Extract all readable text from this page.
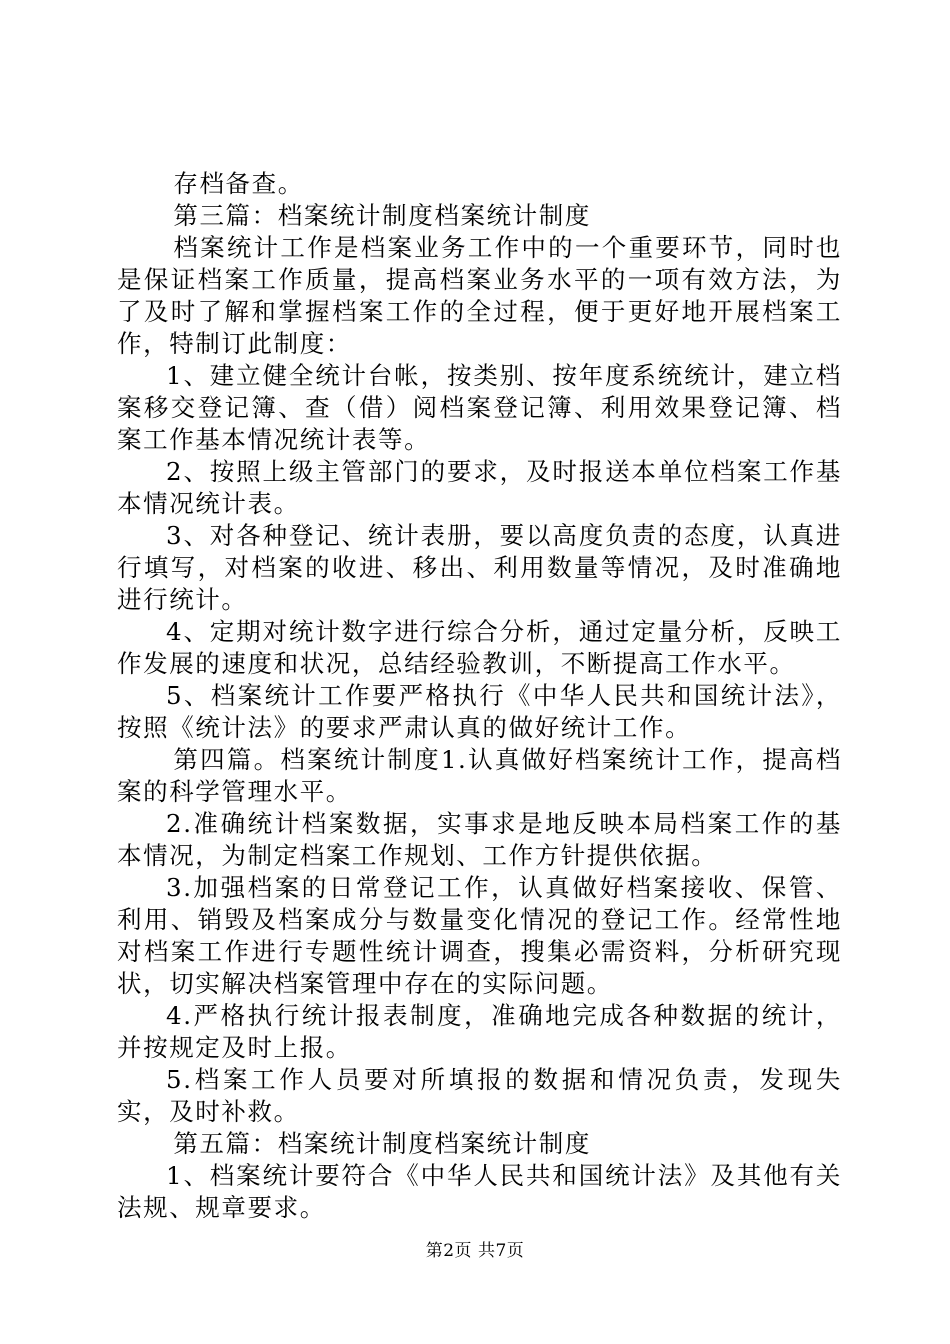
存档备查。

第三篇：档案统计制度档案统计制度

档案统计工作是档案业务工作中的一个重要环节，同时也是保证档案工作质量，提高档案业务水平的一项有效方法，为了及时了解和掌握档案工作的全过程，便于更好地开展档案工作，特制订此制度：

1、建立健全统计台帐，按类别、按年度系统统计，建立档案移交登记簿、查（借）阅档案登记簿、利用效果登记簿、档案工作基本情况统计表等。

2、按照上级主管部门的要求，及时报送本单位档案工作基本情况统计表。

3、对各种登记、统计表册，要以高度负责的态度，认真进行填写，对档案的收进、移出、利用数量等情况，及时准确地进行统计。

4、定期对统计数字进行综合分析，通过定量分析，反映工作发展的速度和状况，总结经验教训，不断提高工作水平。

5、档案统计工作要严格执行《中华人民共和国统计法》，按照《统计法》的要求严肃认真的做好统计工作。

第四篇。档案统计制度1.认真做好档案统计工作，提高档案的科学管理水平。

2.准确统计档案数据，实事求是地反映本局档案工作的基本情况，为制定档案工作规划、工作方针提供依据。

3.加强档案的日常登记工作，认真做好档案接收、保管、利用、销毁及档案成分与数量变化情况的登记工作。经常性地对档案工作进行专题性统计调查，搜集必需资料，分析研究现状，切实解决档案管理中存在的实际问题。

4.严格执行统计报表制度，准确地完成各种数据的统计，并按规定及时上报。

5.档案工作人员要对所填报的数据和情况负责，发现失实，及时补救。

第五篇：档案统计制度档案统计制度

1、档案统计要符合《中华人民共和国统计法》及其他有关法规、规章要求。

第2页 共7页
